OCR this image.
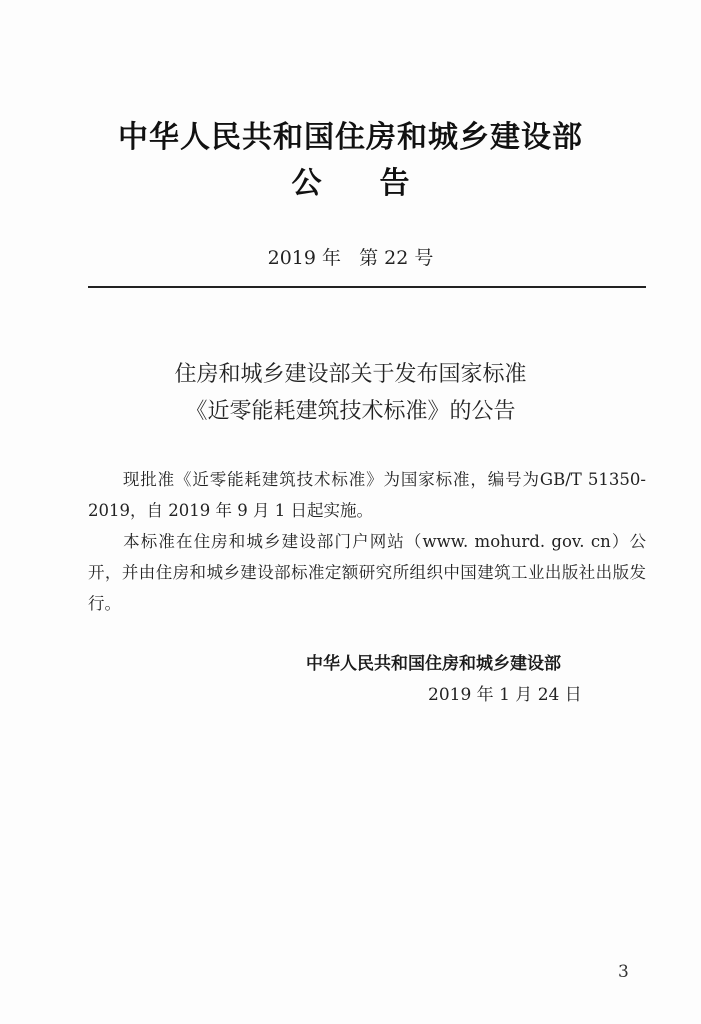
中华人民共和国住房和城乡建设部
公告
2019 年   第 22 号
住房和城乡建设部关于发布国家标准
《近零能耗建筑技术标准》的公告
现批准《近零能耗建筑技术标准》为国家标准，编号为GB/T 51350-2019，自 2019 年 9 月 1 日起实施。
本标准在住房和城乡建设部门户网站（www. mohurd. gov. cn）公开，并由住房和城乡建设部标准定额研究所组织中国建筑工业出版社出版发行。
中华人民共和国住房和城乡建设部
2019 年 1 月 24 日
3
